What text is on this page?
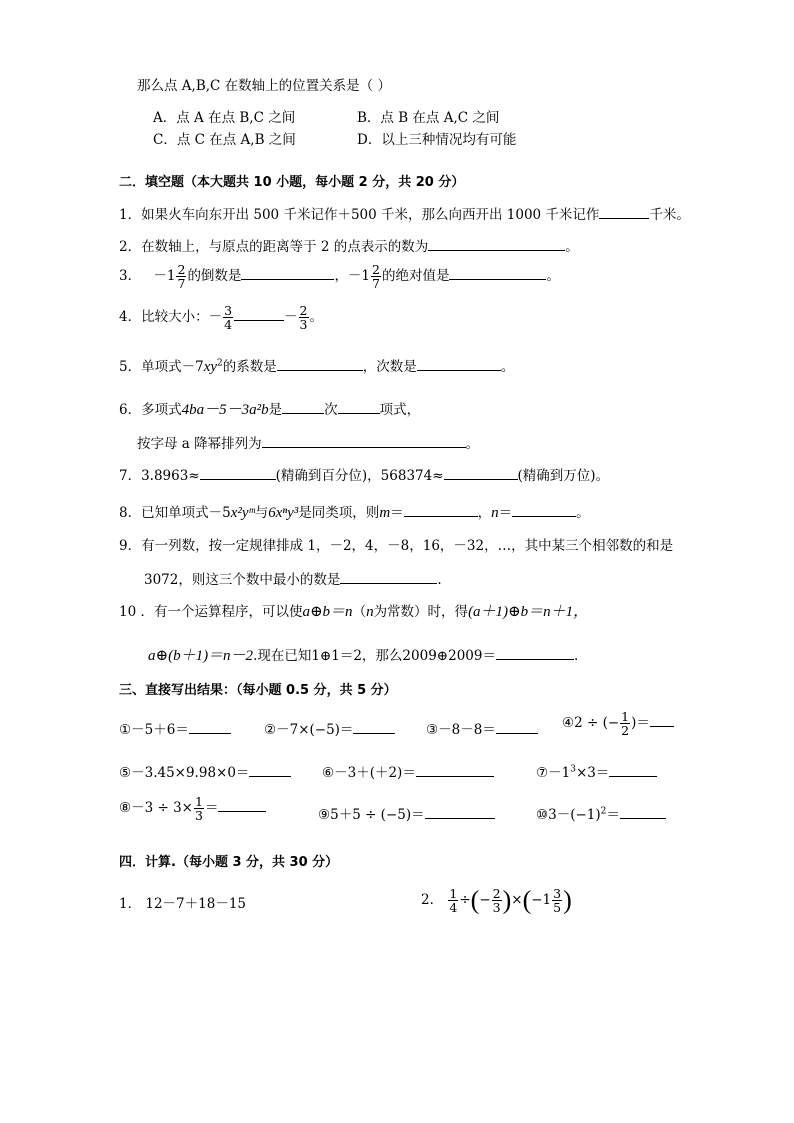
那么点 A,B,C 在数轴上的位置关系是（ ）
A．点 A 在点 B,C 之间	B．点 B 在点 A,C 之间
C．点 C 在点 A,B 之间	D．以上三种情况均有可能
二．填空题（本大题共 10 小题，每小题 2 分，共 20 分）
1．如果火车向东开出 500 千米记作＋500 千米，那么向西开出 1000 千米记作	千米。
2．在数轴上，与原点的距离等于 2 的点表示的数为	。
3． $-1 \frac{2}{7}$ 的倒数是	，$-1 \frac{2}{7}$ 的绝对值是	。
4．比较大小：－ $\frac{3}{4}$	－ $\frac{2}{3}$ 。
5．单项式$-7xy^2$的系数是	，次数是	。
6．多项式4ba－5－3a²b是	次	项式，
按字母 a 降幂排列为	。
7．3.8963≈	(精确到百分位)，568374≈	(精确到万位)。
8．已知单项式－5x²yᵐ与6xⁿy³是同类项，则m＝	，n＝	。
9．有一列数，按一定规律排成 1，－2，4，－8，16，－32，…，其中某三个相邻数的和是
3072，则这三个数中最小的数是	.
10 ．有一个运算程序，可以使a⊕b＝n（n为常数）时，得(a＋1)⊕b＝n＋1，
a⊕(b＋1)＝n－2.现在已知1⊕1＝2，那么2009⊕2009＝	.
三、直接写出结果：（每小题 0.5 分，共 5 分）
①－5＋6＝	②－7×(−5)＝	③－8－8＝	④2 ÷ (− $\frac{1}{2}$ )＝
⑤－3.45×9.98×0＝	⑥－3＋(＋2)＝	$⑦-1^3\times 3=$
⑧－3 ÷ $3\times \frac{1}{3}$ ＝	⑨5＋5 ÷ (−5)＝	$⑩3-(-1)^2=$
四．计算.（每小题 3 分，共 30 分）
1． 12－7＋18－15	2． $\frac{1}{4}$ ÷(− $\frac{2}{3} )\times(-1 \frac{3}{5}$ )
